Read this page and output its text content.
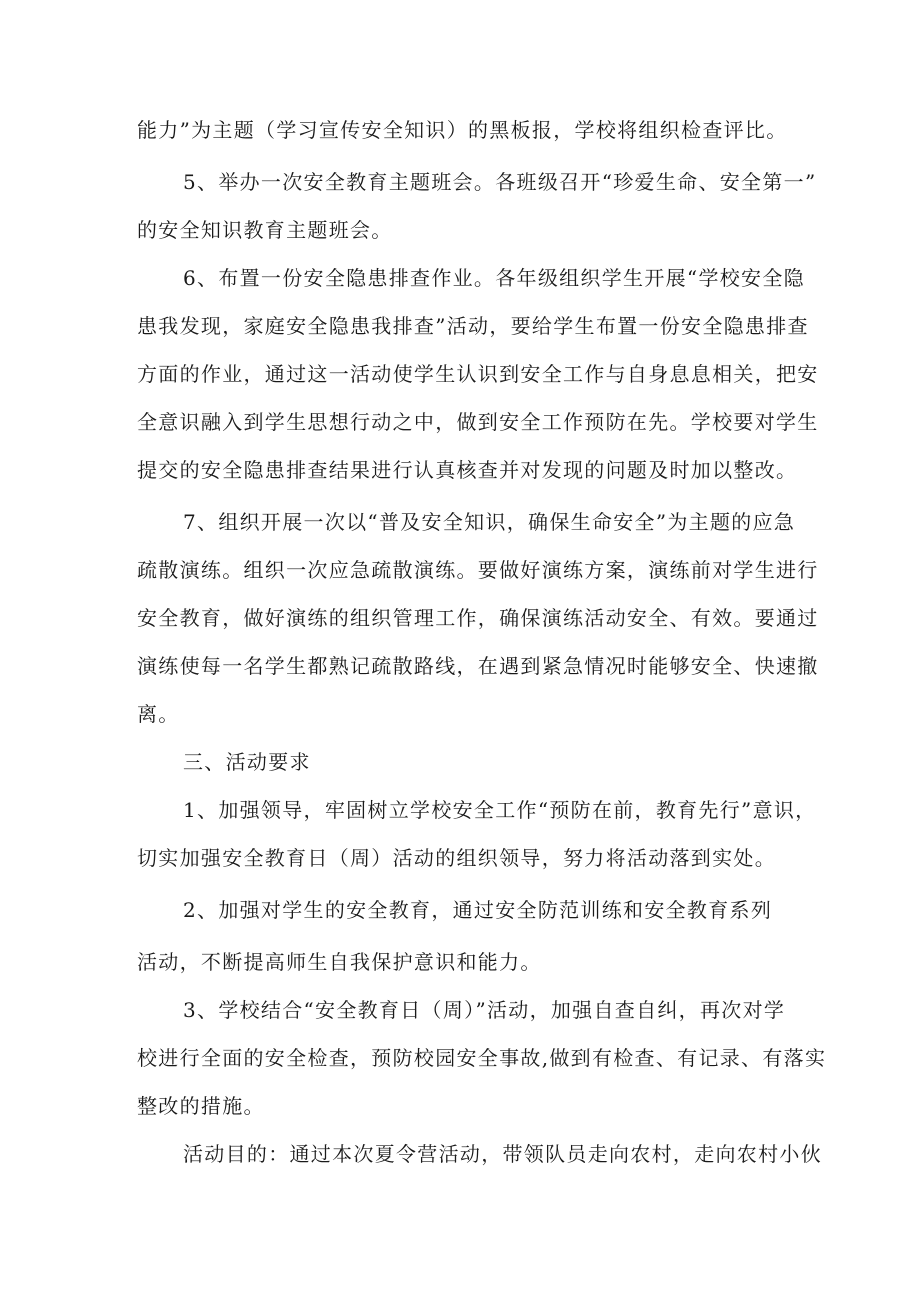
能力”为主题（学习宣传安全知识）的黑板报，学校将组织检查评比。
5、举办一次安全教育主题班会。各班级召开“珍爱生命、安全第一”
的安全知识教育主题班会。
6、布置一份安全隐患排查作业。各年级组织学生开展“学校安全隐
患我发现，家庭安全隐患我排查”活动，要给学生布置一份安全隐患排查
方面的作业，通过这一活动使学生认识到安全工作与自身息息相关，把安
全意识融入到学生思想行动之中，做到安全工作预防在先。学校要对学生
提交的安全隐患排查结果进行认真核查并对发现的问题及时加以整改。
7、组织开展一次以“普及安全知识，确保生命安全”为主题的应急
疏散演练。组织一次应急疏散演练。要做好演练方案，演练前对学生进行
安全教育，做好演练的组织管理工作，确保演练活动安全、有效。要通过
演练使每一名学生都熟记疏散路线，在遇到紧急情况时能够安全、快速撤
离。
三、活动要求
1、加强领导，牢固树立学校安全工作“预防在前，教育先行”意识，
切实加强安全教育日（周）活动的组织领导，努力将活动落到实处。
2、加强对学生的安全教育，通过安全防范训练和安全教育系列
活动，不断提高师生自我保护意识和能力。
3、学校结合“安全教育日（周）”活动，加强自查自纠，再次对学
校进行全面的安全检查，预防校园安全事故,做到有检查、有记录、有落实
整改的措施。
活动目的：通过本次夏令营活动，带领队员走向农村，走向农村小伙
